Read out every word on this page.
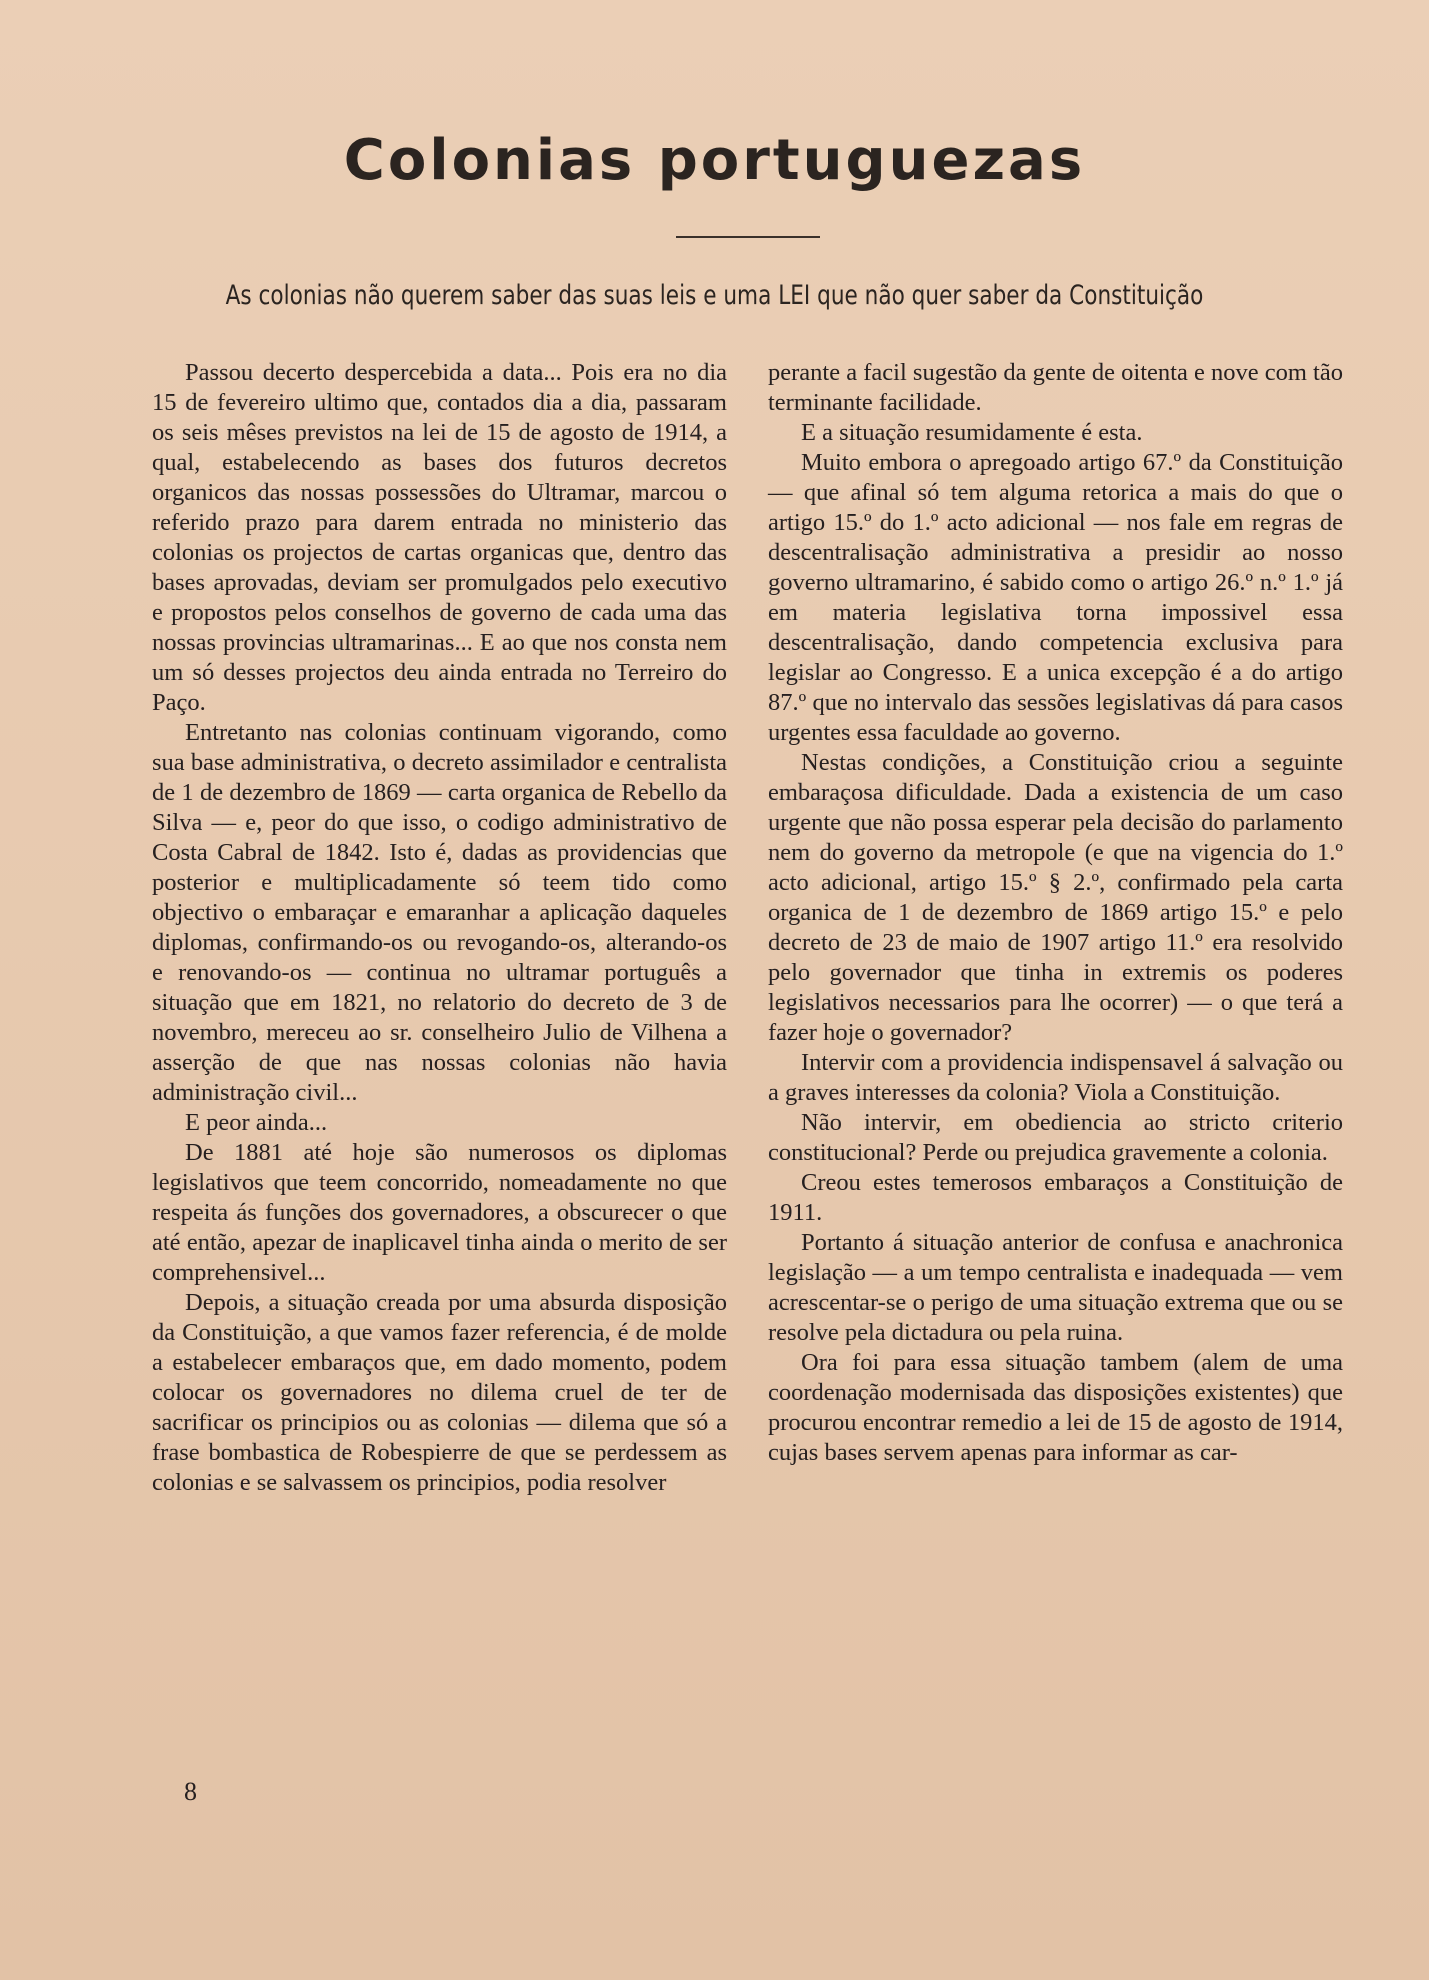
Colonias portuguezas
As colonias não querem saber das suas leis e uma LEI que não quer saber da Constituição

Passou decerto despercebida a data... Pois era no dia 15 de fevereiro ultimo que, contados dia a dia, passaram os seis mêses previstos na lei de 15 de agosto de 1914, a qual, estabelecendo as bases dos futuros decretos organicos das nossas possessões do Ultramar, marcou o referido prazo para darem entrada no ministerio das colonias os projectos de cartas organicas que, dentro das bases aprovadas, deviam ser promulgados pelo executivo e propostos pelos conselhos de governo de cada uma das nossas provincias ultramarinas... E ao que nos consta nem um só desses projectos deu ainda entrada no Terreiro do Paço.

Entretanto nas colonias continuam vigorando, como sua base administrativa, o decreto assimilador e centralista de 1 de dezembro de 1869 — carta organica de Rebello da Silva — e, peor do que isso, o codigo administrativo de Costa Cabral de 1842. Isto é, dadas as providencias que posterior e multiplicadamente só teem tido como objectivo o embaraçar e emaranhar a aplicação daqueles diplomas, confirmando-os ou revogando-os, alterando-os e renovando-os — continua no ultramar português a situação que em 1821, no relatorio do decreto de 3 de novembro, mereceu ao sr. conselheiro Julio de Vilhena a asserção de que nas nossas colonias não havia administração civil...

E peor ainda...

De 1881 até hoje são numerosos os diplomas legislativos que teem concorrido, nomeadamente no que respeita ás funções dos governadores, a obscurecer o que até então, apezar de inaplicavel tinha ainda o merito de ser comprehensivel...

Depois, a situação creada por uma absurda disposição da Constituição, a que vamos fazer referencia, é de molde a estabelecer embaraços que, em dado momento, podem colocar os governadores no dilema cruel de ter de sacrificar os principios ou as colonias — dilema que só a frase bombastica de Robespierre de que se perdessem as colonias e se salvassem os principios, podia resolver

perante a facil sugestão da gente de oitenta e nove com tão terminante facilidade.

E a situação resumidamente é esta.

Muito embora o apregoado artigo 67.º da Constituição — que afinal só tem alguma retorica a mais do que o artigo 15.º do 1.º acto adicional — nos fale em regras de descentralisação administrativa a presidir ao nosso governo ultramarino, é sabido como o artigo 26.º n.º 1.º já em materia legislativa torna impossivel essa descentralisação, dando competencia exclusiva para legislar ao Congresso. E a unica excepção é a do artigo 87.º que no intervalo das sessões legislativas dá para casos urgentes essa faculdade ao governo.

Nestas condições, a Constituição criou a seguinte embaraçosa dificuldade. Dada a existencia de um caso urgente que não possa esperar pela decisão do parlamento nem do governo da metropole (e que na vigencia do 1.º acto adicional, artigo 15.º § 2.º, confirmado pela carta organica de 1 de dezembro de 1869 artigo 15.º e pelo decreto de 23 de maio de 1907 artigo 11.º era resolvido pelo governador que tinha in extremis os poderes legislativos necessarios para lhe ocorrer) — o que terá a fazer hoje o governador?

Intervir com a providencia indispensavel á salvação ou a graves interesses da colonia? Viola a Constituição.

Não intervir, em obediencia ao stricto criterio constitucional? Perde ou prejudica gravemente a colonia.

Creou estes temerosos embaraços a Constituição de 1911.

Portanto á situação anterior de confusa e anachronica legislação — a um tempo centralista e inadequada — vem acrescentar-se o perigo de uma situação extrema que ou se resolve pela dictadura ou pela ruina.

Ora foi para essa situação tambem (alem de uma coordenação modernisada das disposições existentes) que procurou encontrar remedio a lei de 15 de agosto de 1914, cujas bases servem apenas para informar as car-

8
